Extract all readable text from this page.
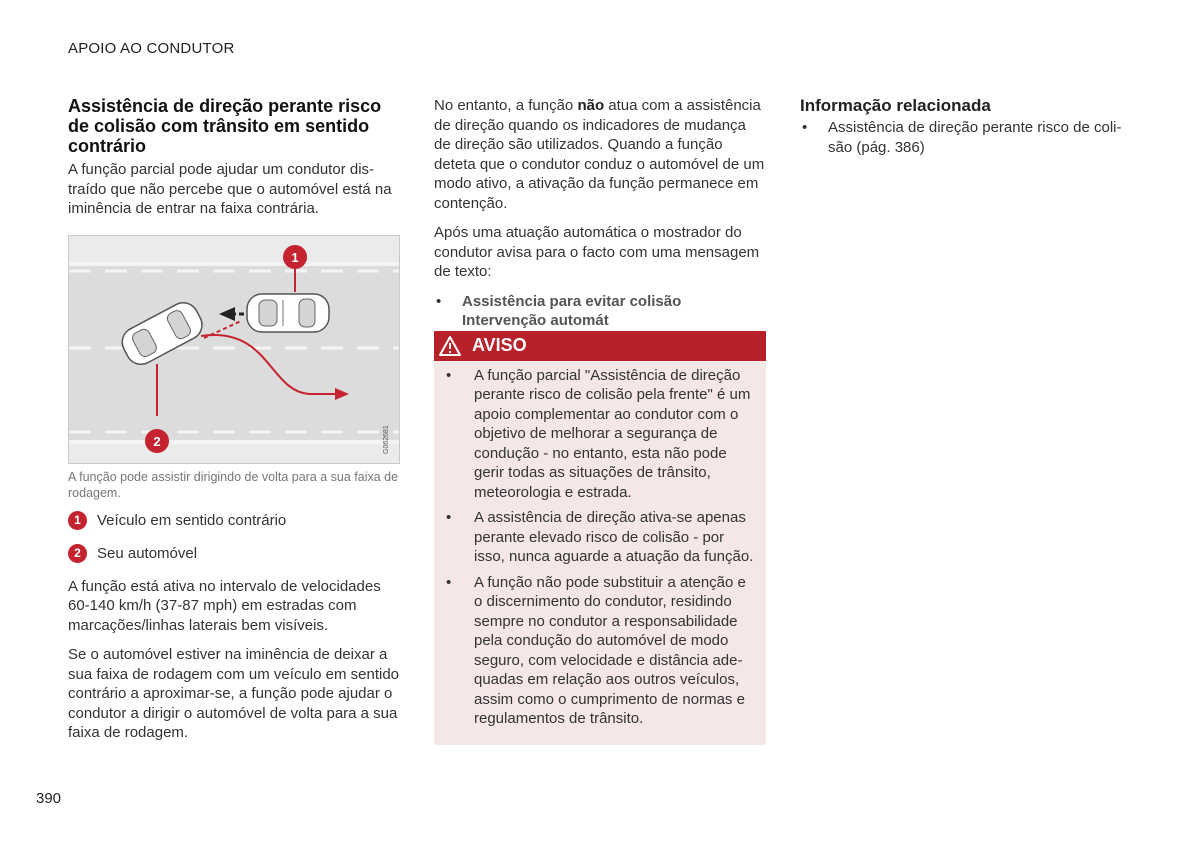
APOIO AO CONDUTOR
Assistência de direção perante risco de colisão com trânsito em sentido contrário

A função parcial pode ajudar um condutor dis-traído que não percebe que o automóvel está na iminência de entrar na faixa contrária.

1
2	G062681
A função pode assistir dirigindo de volta para a sua faixa de rodagem.
1	Veículo em sentido contrário
2	Seu automóvel

A função está ativa no intervalo de velocidades 60-140 km/h (37-87 mph) em estradas com marcações/linhas laterais bem visíveis.

Se o automóvel estiver na iminência de deixar a sua faixa de rodagem com um veículo em sentido contrário a aproximar-se, a função pode ajudar o condutor a dirigir o automóvel de volta para a sua faixa de rodagem.

No entanto, a função não atua com a assistência de direção quando os indicadores de mudança de direção são utilizados. Quando a função deteta que o condutor conduz o automóvel de um modo ativo, a ativação da função permanece em contenção.

Após uma atuação automática o mostrador do condutor avisa para o facto com uma mensagem de texto:

• Assistência para evitar colisão
Intervenção automát
AVISO
• A função parcial "Assistência de direção perante risco de colisão pela frente" é um apoio complementar ao condutor com o objetivo de melhorar a segurança de condução - no entanto, esta não pode gerir todas as situações de trânsito, meteorologia e estrada.
• A assistência de direção ativa-se apenas perante elevado risco de colisão - por isso, nunca aguarde a atuação da função.
• A função não pode substituir a atenção e o discernimento do condutor, residindo sempre no condutor a responsabilidade pela condução do automóvel de modo seguro, com velocidade e distância ade-quadas em relação aos outros veículos, assim como o cumprimento de normas e regulamentos de trânsito.
Informação relacionada
• Assistência de direção perante risco de coli-são (pág. 386)
390
